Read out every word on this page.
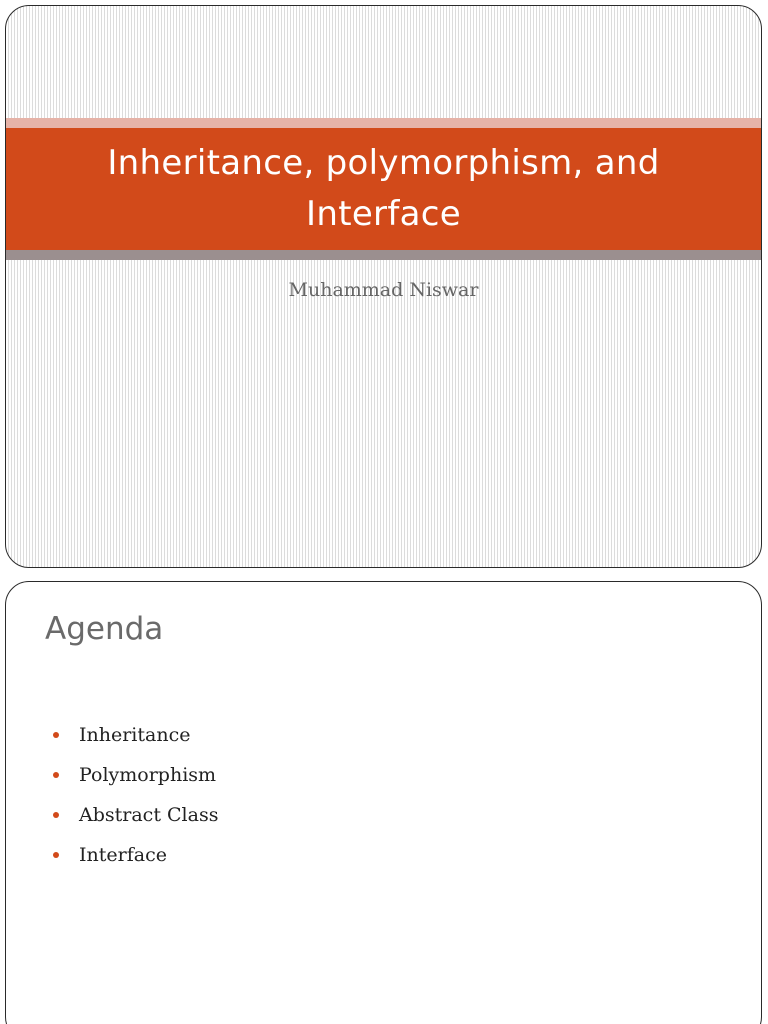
Inheritance, polymorphism, and
Interface

Muhammad Niswar

Agenda
Inheritance
Polymorphism
Abstract Class
Interface
